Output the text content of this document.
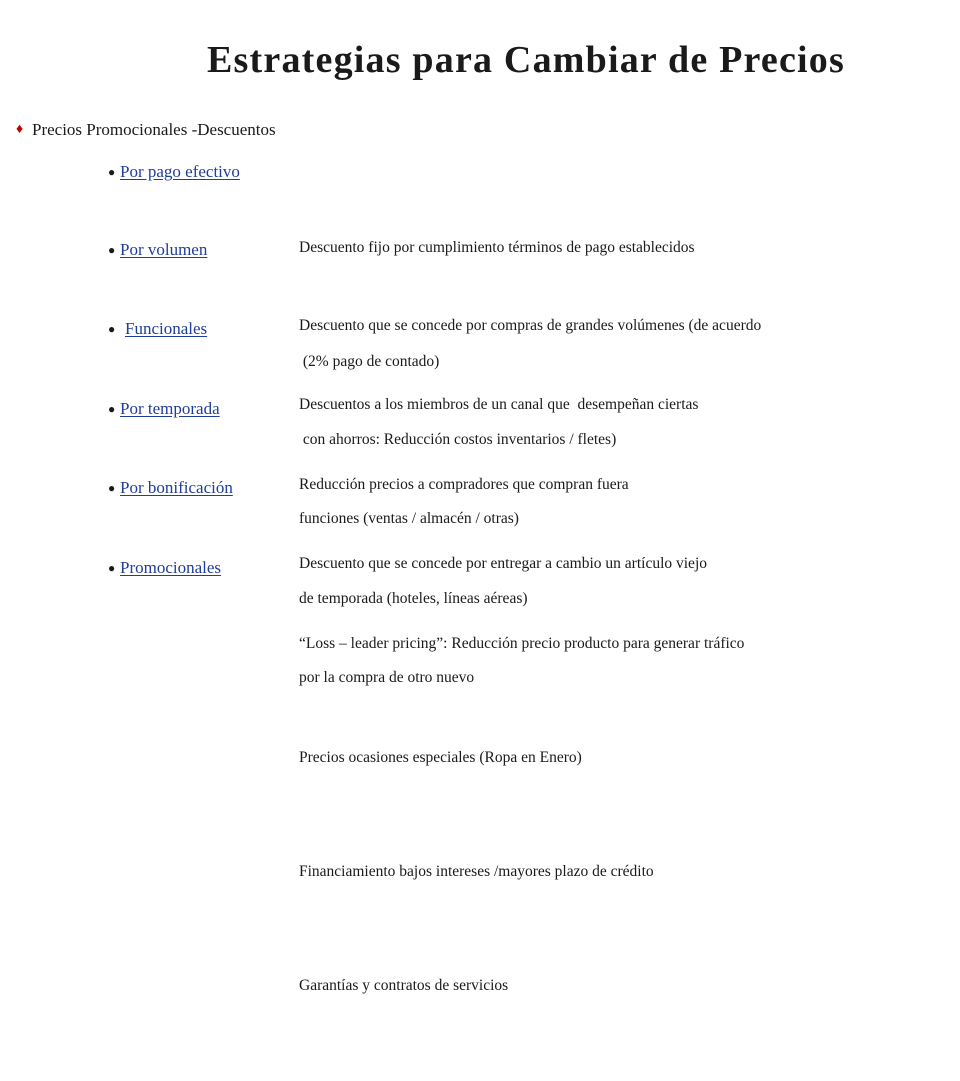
Estrategias para Cambiar de Precios
♦ Precios Promocionales -Descuentos
● Por pago efectivo

Descuento fijo por cumplimiento términos de pago establecidos

(2% pago de contado)

● Por volumen

Descuento que se concede por compras de grandes volúmenes (de acuerdo

con ahorros: Reducción costos inventarios / fletes)

● Funcionales

Descuentos a los miembros de un canal que  desempeñan ciertas

funciones (ventas / almacén / otras)

● Por temporada

Reducción precios a compradores que compran fuera

de temporada (hoteles, líneas aéreas)

● Por bonificación

Descuento que se concede por entregar a cambio un artículo viejo

por la compra de otro nuevo

● Promocionales

“Loss – leader pricing”: Reducción precio producto para generar tráfico

Precios ocasiones especiales (Ropa en Enero)

Financiamiento bajos intereses /mayores plazo de crédito

Garantías y contratos de servicios
